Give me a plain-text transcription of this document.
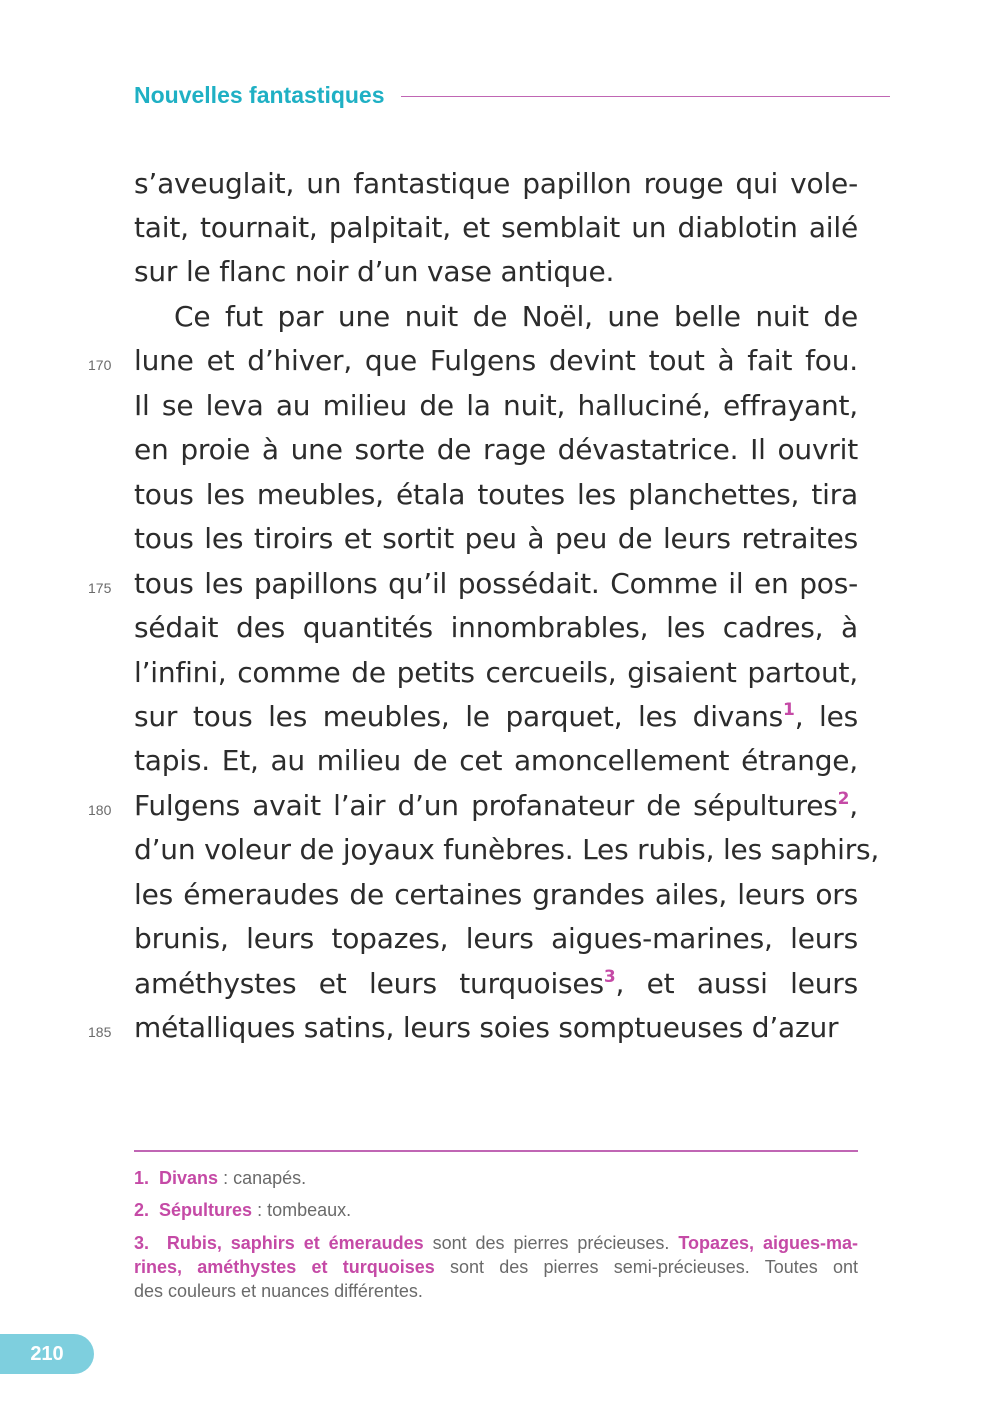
Nouvelles fantastiques
s’aveuglait, un fantastique papillon rouge qui vole-
tait, tournait, palpitait, et semblait un diablotin ailé
sur le flanc noir d’un vase antique.
Ce fut par une nuit de Noël, une belle nuit de
lune et d’hiver, que Fulgens devint tout à fait fou.
Il se leva au milieu de la nuit, halluciné, effrayant,
en proie à une sorte de rage dévastatrice. Il ouvrit
tous les meubles, étala toutes les planchettes, tira
tous les tiroirs et sortit peu à peu de leurs retraites
tous les papillons qu’il possédait. Comme il en pos-
sédait des quantités innombrables, les cadres, à
l’infini, comme de petits cercueils, gisaient partout,
sur tous les meubles, le parquet, les divans$^1$, les
tapis. Et, au milieu de cet amoncellement étrange,
Fulgens avait l’air d’un profanateur de sépultures$^2$,
d’un voleur de joyaux funèbres. Les rubis, les saphirs,
les émeraudes de certaines grandes ailes, leurs ors
brunis, leurs topazes, leurs aigues-marines, leurs
améthystes et leurs turquoises$^3$, et aussi leurs
métalliques satins, leurs soies somptueuses d’azur
170
175
180
185
1. Divans : canapés.
2. Sépultures : tombeaux.
3. Rubis, saphirs et émeraudes sont des pierres précieuses. Topazes, aigues-ma-
rines, améthystes et turquoises sont des pierres semi-précieuses. Toutes ont
des couleurs et nuances différentes.
210
